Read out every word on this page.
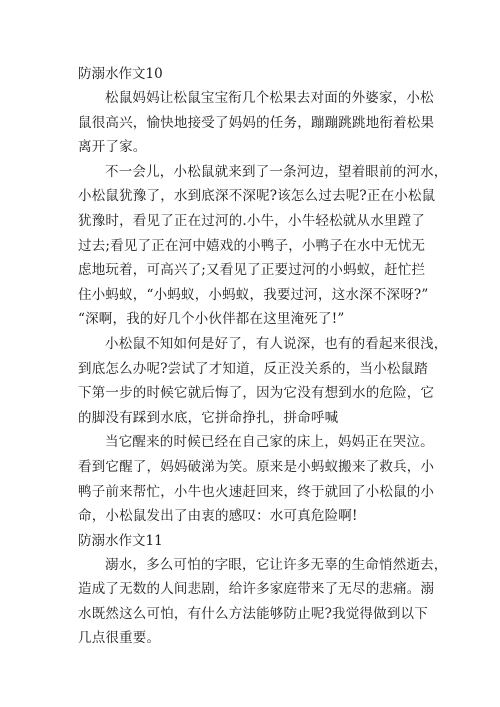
防溺水作文10

松鼠妈妈让松鼠宝宝衔几个松果去对面的外婆家，小松
鼠很高兴，愉快地接受了妈妈的任务，蹦蹦跳跳地衔着松果
离开了家。

不一会儿，小松鼠就来到了一条河边，望着眼前的河水，
小松鼠犹豫了，水到底深不深呢?该怎么过去呢?正在小松鼠
犹豫时，看见了正在过河的.小牛，小牛轻松就从水里蹚了
过去;看见了正在河中嬉戏的小鸭子，小鸭子在水中无忧无
虑地玩着，可高兴了;又看见了正要过河的小蚂蚁，赶忙拦
住小蚂蚁，“小蚂蚁，小蚂蚁，我要过河，这水深不深呀?”
“深啊，我的好几个小伙伴都在这里淹死了!”

小松鼠不知如何是好了，有人说深，也有的看起来很浅，
到底怎么办呢?尝试了才知道，反正没关系的，当小松鼠踏
下第一步的时候它就后悔了，因为它没有想到水的危险，它
的脚没有踩到水底，它拼命挣扎，拼命呼喊

当它醒来的时候已经在自己家的床上，妈妈正在哭泣。
看到它醒了，妈妈破涕为笑。原来是小蚂蚁搬来了救兵，小
鸭子前来帮忙，小牛也火速赶回来，终于就回了小松鼠的小
命，小松鼠发出了由衷的感叹：水可真危险啊!

防溺水作文11

溺水，多么可怕的字眼，它让许多无辜的生命悄然逝去，
造成了无数的人间悲剧，给许多家庭带来了无尽的悲痛。溺
水既然这么可怕，有什么方法能够防止呢?我觉得做到以下
几点很重要。
